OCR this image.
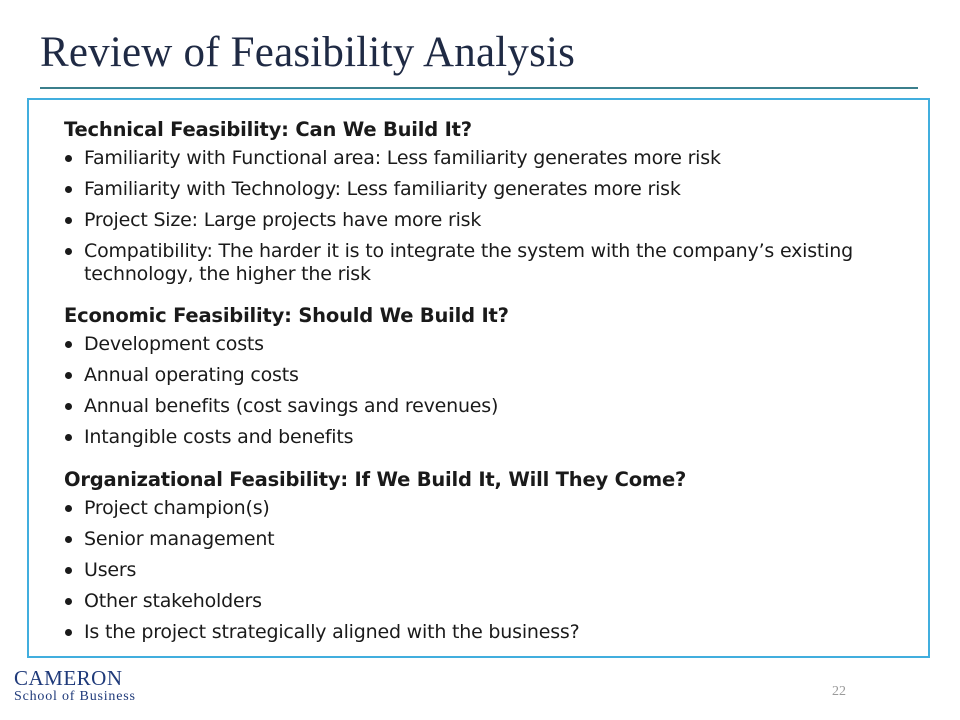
Review of Feasibility Analysis
Technical Feasibility: Can We Build It?
Familiarity with Functional area: Less familiarity generates more risk
Familiarity with Technology: Less familiarity generates more risk
Project Size: Large projects have more risk
Compatibility: The harder it is to integrate the system with the company’s existing technology, the higher the risk
Economic Feasibility: Should We Build It?
Development costs
Annual operating costs
Annual benefits (cost savings and revenues)
Intangible costs and benefits
Organizational Feasibility: If We Build It, Will They Come?
Project champion(s)
Senior management
Users
Other stakeholders
Is the project strategically aligned with the business?
CAMERON
School of Business	22
